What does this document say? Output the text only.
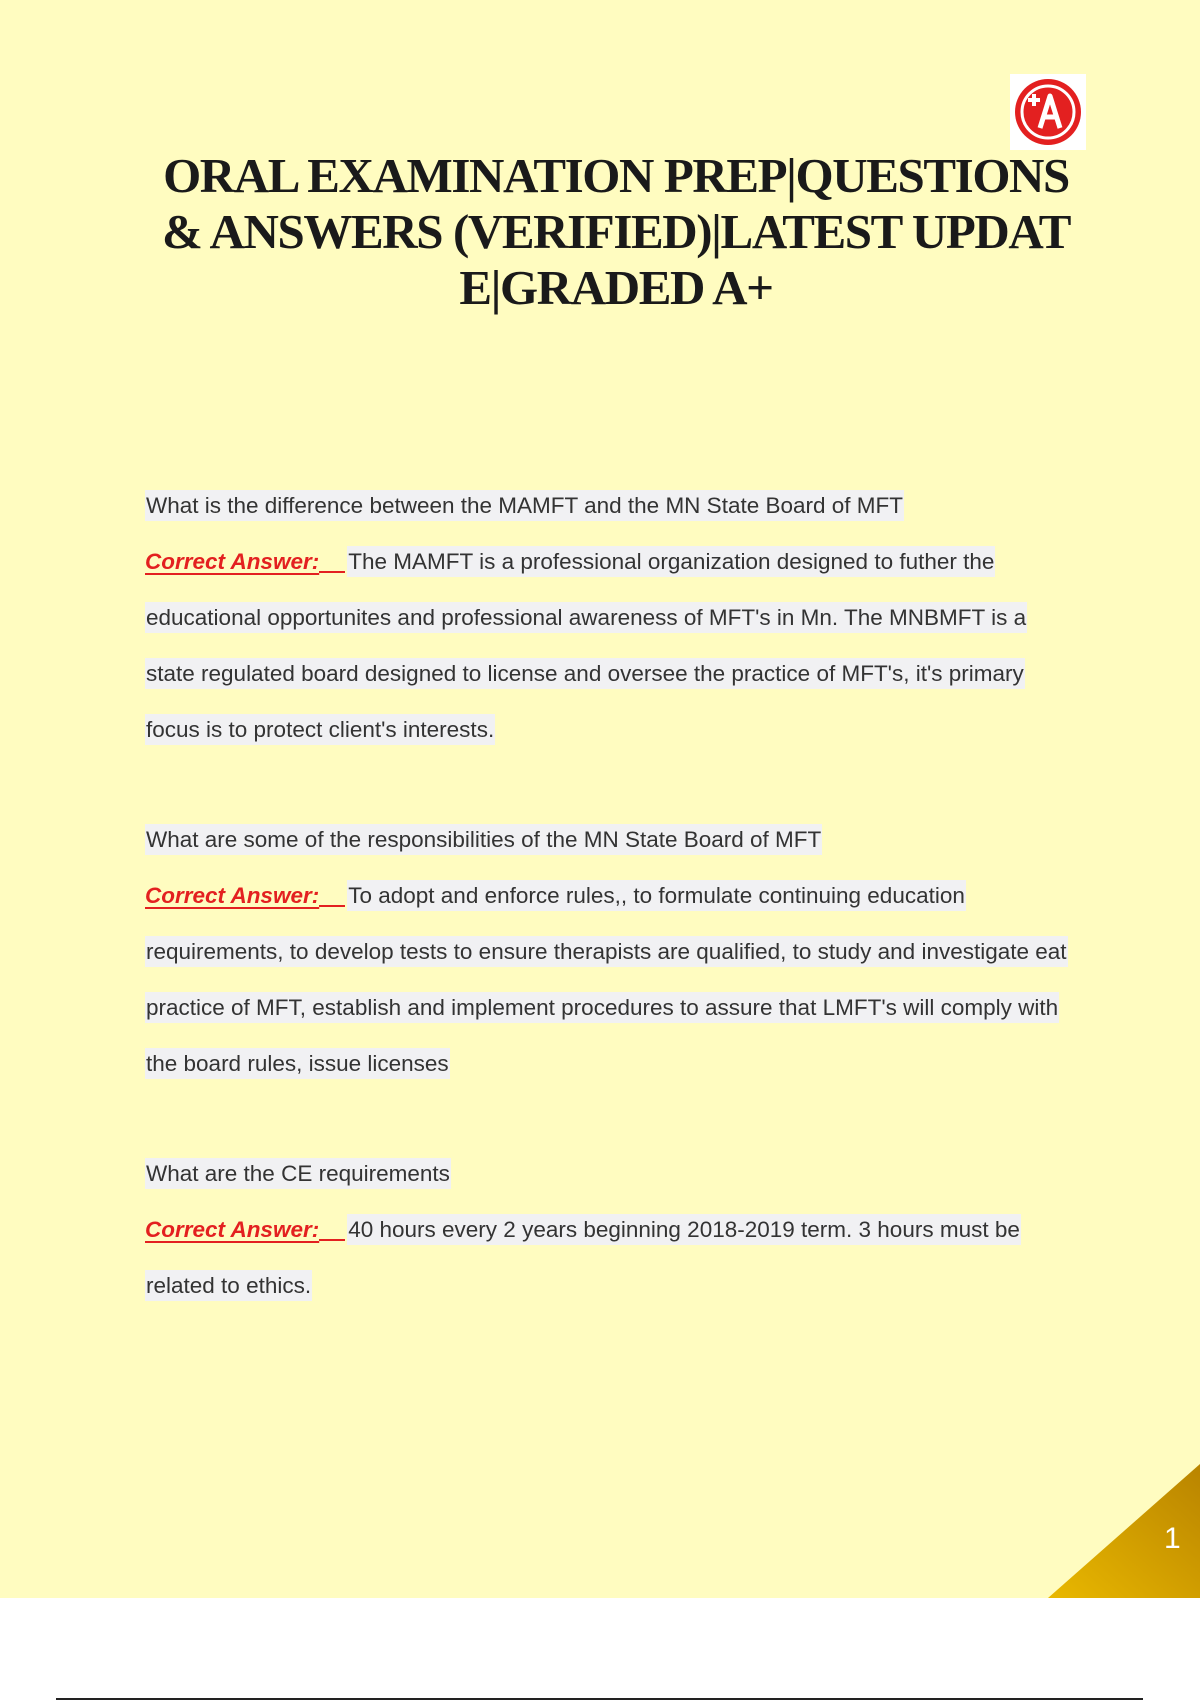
ORAL EXAMINATION PREP|QUESTIONS & ANSWERS (VERIFIED)|LATEST UPDATE|GRADED A+
What is the difference between the MAMFT and the MN State Board of MFT
Correct Answer: The MAMFT is a professional organization designed to futher the educational opportunites and professional awareness of MFT's in Mn. The MNBMFT is a state regulated board designed to license and oversee the practice of MFT's, it's primary focus is to protect client's interests.
What are some of the responsibilities of the MN State Board of MFT
Correct Answer: To adopt and enforce rules,, to formulate continuing education requirements, to develop tests to ensure therapists are qualified, to study and investigate eat practice of MFT, establish and implement procedures to assure that LMFT's will comply with the board rules, issue licenses
What are the CE requirements
Correct Answer: 40 hours every 2 years beginning 2018-2019 term. 3 hours must be related to ethics.
1
